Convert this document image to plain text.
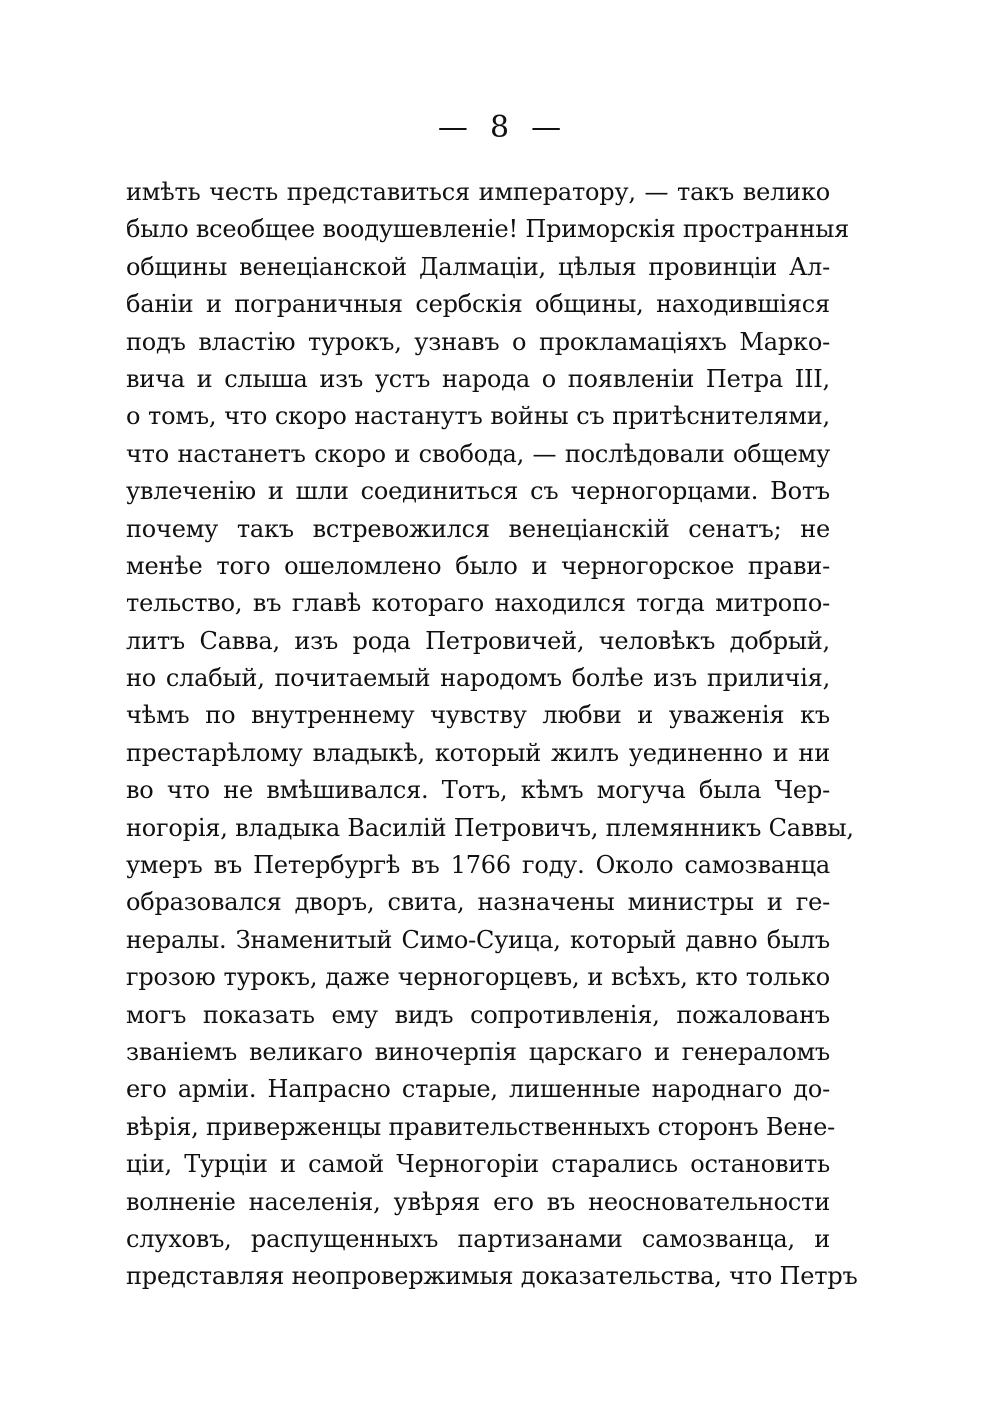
—  8  —
имѣть честь представиться императору, — такъ велико
было всеобщее воодушевленіе! Приморскія пространныя
общины венеціанской Далмаціи, цѣлыя провинціи Ал-
баніи и пограничныя сербскія общины, находившіяся
подъ властію турокъ, узнавъ о прокламаціяхъ Марко-
вича и слыша изъ устъ народа о появленіи Петра III,
о томъ, что скоро настанутъ войны съ притѣснителями,
что настанетъ скоро и свобода, — послѣдовали общему
увлеченію и шли соединиться съ черногорцами. Вотъ
почему такъ встревожился венеціанскій сенатъ; не
менѣе того ошеломлено было и черногорское прави-
тельство, въ главѣ котораго находился тогда митропо-
литъ Савва, изъ рода Петровичей, человѣкъ добрый,
но слабый, почитаемый народомъ болѣе изъ приличія,
чѣмъ по внутреннему чувству любви и уваженія къ
престарѣлому владыкѣ, который жилъ уединенно и ни
во что не вмѣшивался. Тотъ, кѣмъ могуча была Чер-
ногорія, владыка Василій Петровичъ, племянникъ Саввы,
умеръ въ Петербургѣ въ 1766 году. Около самозванца
образовался дворъ, свита, назначены министры и ге-
нералы. Знаменитый Симо-Суица, который давно былъ
грозою турокъ, даже черногорцевъ, и всѣхъ, кто только
могъ показать ему видъ сопротивленія, пожалованъ
званіемъ великаго виночерпія царскаго и генераломъ
его арміи. Напрасно старые, лишенные народнаго до-
вѣрія, приверженцы правительственныхъ сторонъ Вене-
ціи, Турціи и самой Черногоріи старались остановить
волненіе населенія, увѣряя его въ неосновательности
слуховъ, распущенныхъ партизанами самозванца, и
представляя неопровержимыя доказательства, что Петръ
